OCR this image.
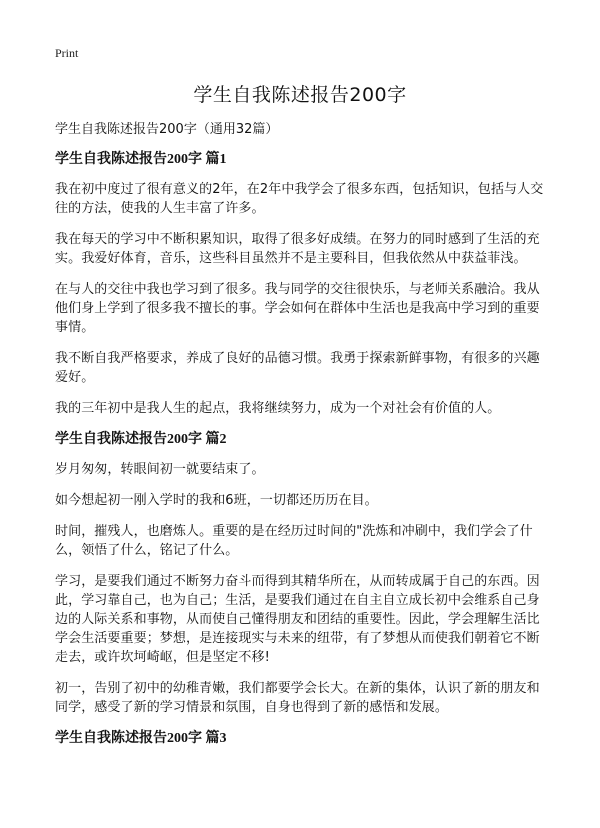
Print
学生自我陈述报告200字
学生自我陈述报告200字（通用32篇）
学生自我陈述报告200字 篇1
我在初中度过了很有意义的2年，在2年中我学会了很多东西，包括知识，包括与人交往的方法，使我的人生丰富了许多。
我在每天的学习中不断积累知识，取得了很多好成绩。在努力的同时感到了生活的充实。我爱好体育，音乐，这些科目虽然并不是主要科目，但我依然从中获益菲浅。
在与人的交往中我也学习到了很多。我与同学的交往很快乐，与老师关系融洽。我从他们身上学到了很多我不擅长的事。学会如何在群体中生活也是我高中学习到的重要事情。
我不断自我严格要求，养成了良好的品德习惯。我勇于探索新鲜事物，有很多的兴趣爱好。
我的三年初中是我人生的起点，我将继续努力，成为一个对社会有价值的人。
学生自我陈述报告200字 篇2
岁月匆匆，转眼间初一就要结束了。
如今想起初一刚入学时的我和6班，一切都还历历在目。
时间，摧残人，也磨炼人。重要的是在经历过时间的"洗炼和冲刷中，我们学会了什么，领悟了什么，铭记了什么。
学习，是要我们通过不断努力奋斗而得到其精华所在，从而转成属于自己的东西。因此，学习靠自己，也为自己；生活，是要我们通过在自主自立成长初中会维系自己身边的人际关系和事物，从而使自己懂得朋友和团结的重要性。因此，学会理解生活比学会生活要重要；梦想，是连接现实与未来的纽带，有了梦想从而使我们朝着它不断走去，或许坎坷崎岖，但是坚定不移!
初一，告别了初中的幼稚青嫩，我们都要学会长大。在新的集体，认识了新的朋友和同学，感受了新的学习情景和氛围，自身也得到了新的感悟和发展。
学生自我陈述报告200字 篇3
